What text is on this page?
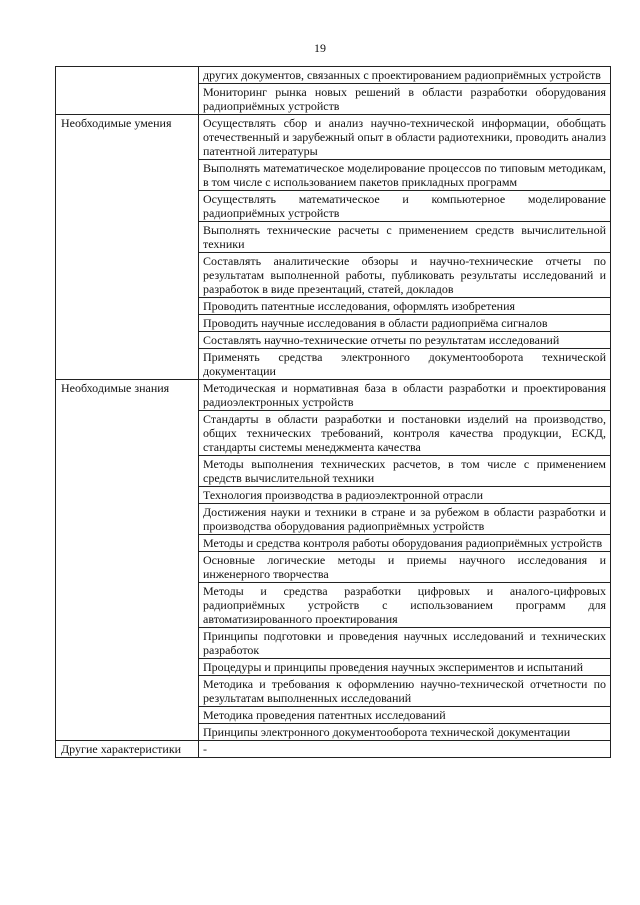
19
	других документов, связанных с проектированием радиоприёмных устройств
	Мониторинг рынка новых решений в области разработки оборудования радиоприёмных устройств
Необходимые умения	Осуществлять сбор и анализ научно-технической информации, обобщать отечественный и зарубежный опыт в области радиотехники, проводить анализ патентной литературы
	Выполнять математическое моделирование процессов по типовым методикам, в том числе с использованием пакетов прикладных программ
	Осуществлять математическое и компьютерное моделирование радиоприёмных устройств
	Выполнять технические расчеты с применением средств вычислительной техники
	Составлять аналитические обзоры и научно-технические отчеты по результатам выполненной работы, публиковать результаты исследований и разработок в виде презентаций, статей, докладов
	Проводить патентные исследования, оформлять изобретения
	Проводить научные исследования в области радиоприёма сигналов
	Составлять научно-технические отчеты по результатам исследований
	Применять средства электронного документооборота технической документации
Необходимые знания	Методическая и нормативная база в области разработки и проектирования радиоэлектронных устройств
	Стандарты в области разработки и постановки изделий на производство, общих технических требований, контроля качества продукции, ЕСКД, стандарты системы менеджмента качества
	Методы выполнения технических расчетов, в том числе с применением средств вычислительной техники
	Технология производства в радиоэлектронной отрасли
	Достижения науки и техники в стране и за рубежом в области разработки и производства оборудования радиоприёмных устройств
	Методы и средства контроля работы оборудования радиоприёмных устройств
	Основные логические методы и приемы научного исследования и инженерного творчества
	Методы и средства разработки цифровых и аналого-цифровых радиоприёмных устройств с использованием программ для автоматизированного проектирования
	Принципы подготовки и проведения научных исследований и технических разработок
	Процедуры и принципы проведения научных экспериментов и испытаний
	Методика и требования к оформлению научно-технической отчетности по результатам выполненных исследований
	Методика проведения патентных исследований
	Принципы электронного документооборота технической документации
Другие характеристики	-
